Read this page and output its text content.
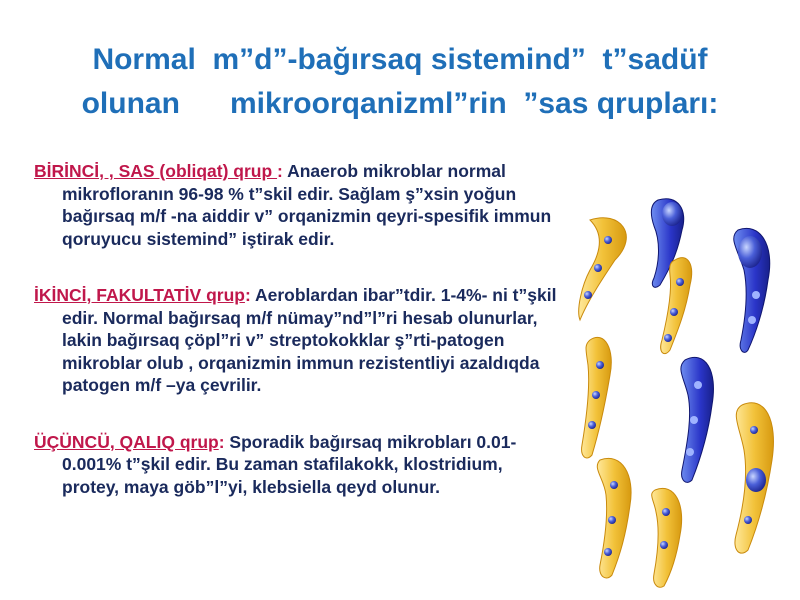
Normal  m”d”-bağırsaq sistemind”  t”sadüf
olunan      mikroorqanizml”rin  ”sas qrupları:

BİRİNCİ, , SAS (obliqat) qrup : Anaerob mikroblar normal mikrofloranın 96-98 % t”skil edir. Sağlam ş”xsin yoğun bağırsaq m/f -na aiddir v” orqanizmin qeyri-spesifik immun qoruyucu sistemind” iştirak edir.

İKİNCİ, FAKULTATİV qrup: Aeroblardan ibar”tdir. 1-4%- ni t”şkil edir. Normal bağırsaq m/f nümay”nd”l”ri hesab olunurlar, lakin bağırsaq çöpl”ri v” streptokokklar ş”rti-patogen mikroblar olub , orqanizmin immun rezistentliyi azaldıqda patogen m/f –ya çevrilir.

ÜÇÜNCÜ, QALIQ qrup: Sporadik bağırsaq mikrobları 0.01-0.001% t”şkil edir. Bu zaman stafilakokk, klostridium, protey, maya göb”l”yi, klebsiella qeyd olunur.
